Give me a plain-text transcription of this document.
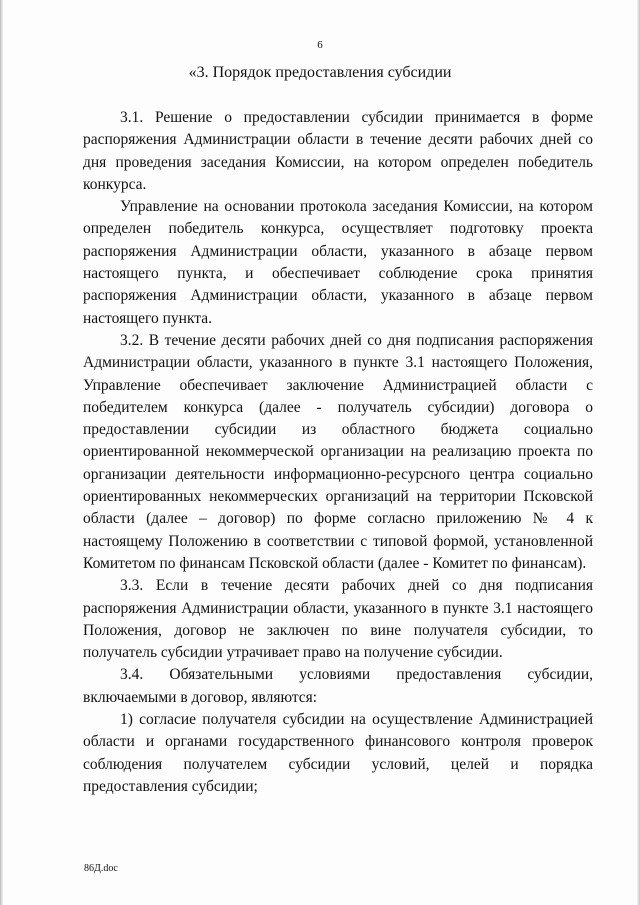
6
«3. Порядок предоставления субсидии

3.1. Решение о предоставлении субсидии принимается в форме распоряжения Администрации области в течение десяти рабочих дней со дня проведения заседания Комиссии, на котором определен победитель конкурса.

Управление на основании протокола заседания Комиссии, на котором определен победитель конкурса, осуществляет подготовку проекта распоряжения Администрации области, указанного в абзаце первом настоящего пункта, и обеспечивает соблюдение срока принятия распоряжения Администрации области, указанного в абзаце первом настоящего пункта.

3.2. В течение десяти рабочих дней со дня подписания распоряжения Администрации области, указанного в пункте 3.1 настоящего Положения, Управление обеспечивает заключение Администрацией области с победителем конкурса (далее - получатель субсидии) договора о предоставлении субсидии из областного бюджета социально ориентированной некоммерческой организации на реализацию проекта по организации деятельности информационно-ресурсного центра социально ориентированных некоммерческих организаций на территории Псковской области (далее – договор) по форме согласно приложению № 4 к настоящему Положению в соответствии с типовой формой, установленной Комитетом по финансам Псковской области (далее - Комитет по финансам).

3.3. Если в течение десяти рабочих дней со дня подписания распоряжения Администрации области, указанного в пункте 3.1 настоящего Положения, договор не заключен по вине получателя субсидии, то получатель субсидии утрачивает право на получение субсидии.

3.4. Обязательными условиями предоставления субсидии, включаемыми в договор, являются:

1) согласие получателя субсидии на осуществление Администрацией области и органами государственного финансового контроля проверок соблюдения получателем субсидии условий, целей и порядка предоставления субсидии;

86Д.doc
